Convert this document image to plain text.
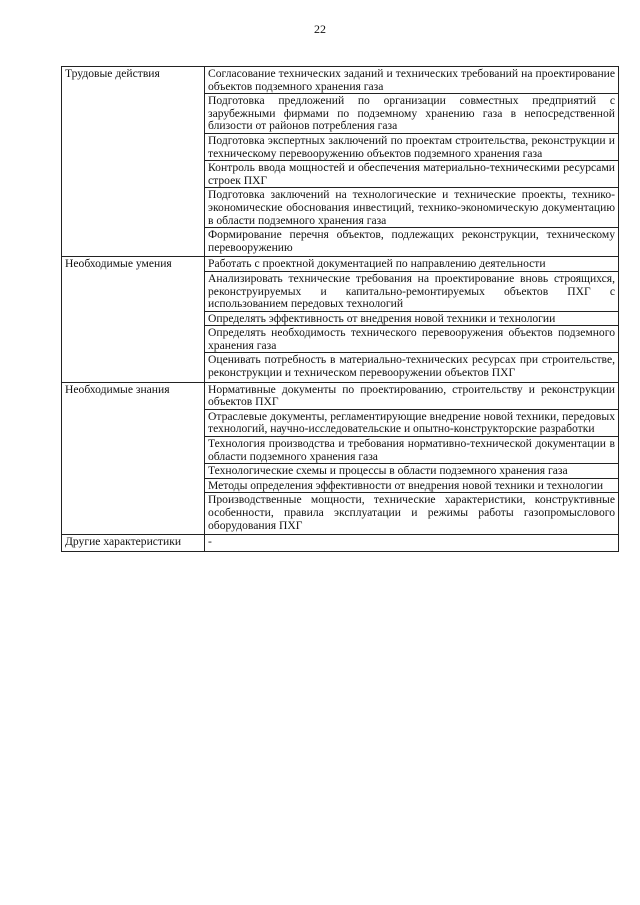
22
Трудовые действия	Согласование технических заданий и технических требований на проектирование объектов подземного хранения газа
	Подготовка предложений по организации совместных предприятий с зарубежными фирмами по подземному хранению газа в непосредственной близости от районов потребления газа
	Подготовка экспертных заключений по проектам строительства, реконструкции и техническому перевооружению объектов подземного хранения газа
	Контроль ввода мощностей и обеспечения материально-техническими ресурсами строек ПХГ
	Подготовка заключений на технологические и технические проекты, технико-экономические обоснования инвестиций, технико-экономическую документацию в области подземного хранения газа
	Формирование перечня объектов, подлежащих реконструкции, техническому перевооружению
Необходимые умения	Работать с проектной документацией по направлению деятельности
	Анализировать технические требования на проектирование вновь строящихся, реконструируемых и капитально-ремонтируемых объектов ПХГ с использованием передовых технологий
	Определять эффективность от внедрения новой техники и технологии
	Определять необходимость технического перевооружения объектов подземного хранения газа
	Оценивать потребность в материально-технических ресурсах при строительстве, реконструкции и техническом перевооружении объектов ПХГ
Необходимые знания	Нормативные документы по проектированию, строительству и реконструкции объектов ПХГ
	Отраслевые документы, регламентирующие внедрение новой техники, передовых технологий, научно-исследовательские и опытно-конструкторские разработки
	Технология производства и требования нормативно-технической документации в области подземного хранения газа
	Технологические схемы и процессы в области подземного хранения газа
	Методы определения эффективности от внедрения новой техники и технологии
	Производственные мощности, технические характеристики, конструктивные особенности, правила эксплуатации и режимы работы газопромыслового оборудования ПХГ
Другие характеристики	-
